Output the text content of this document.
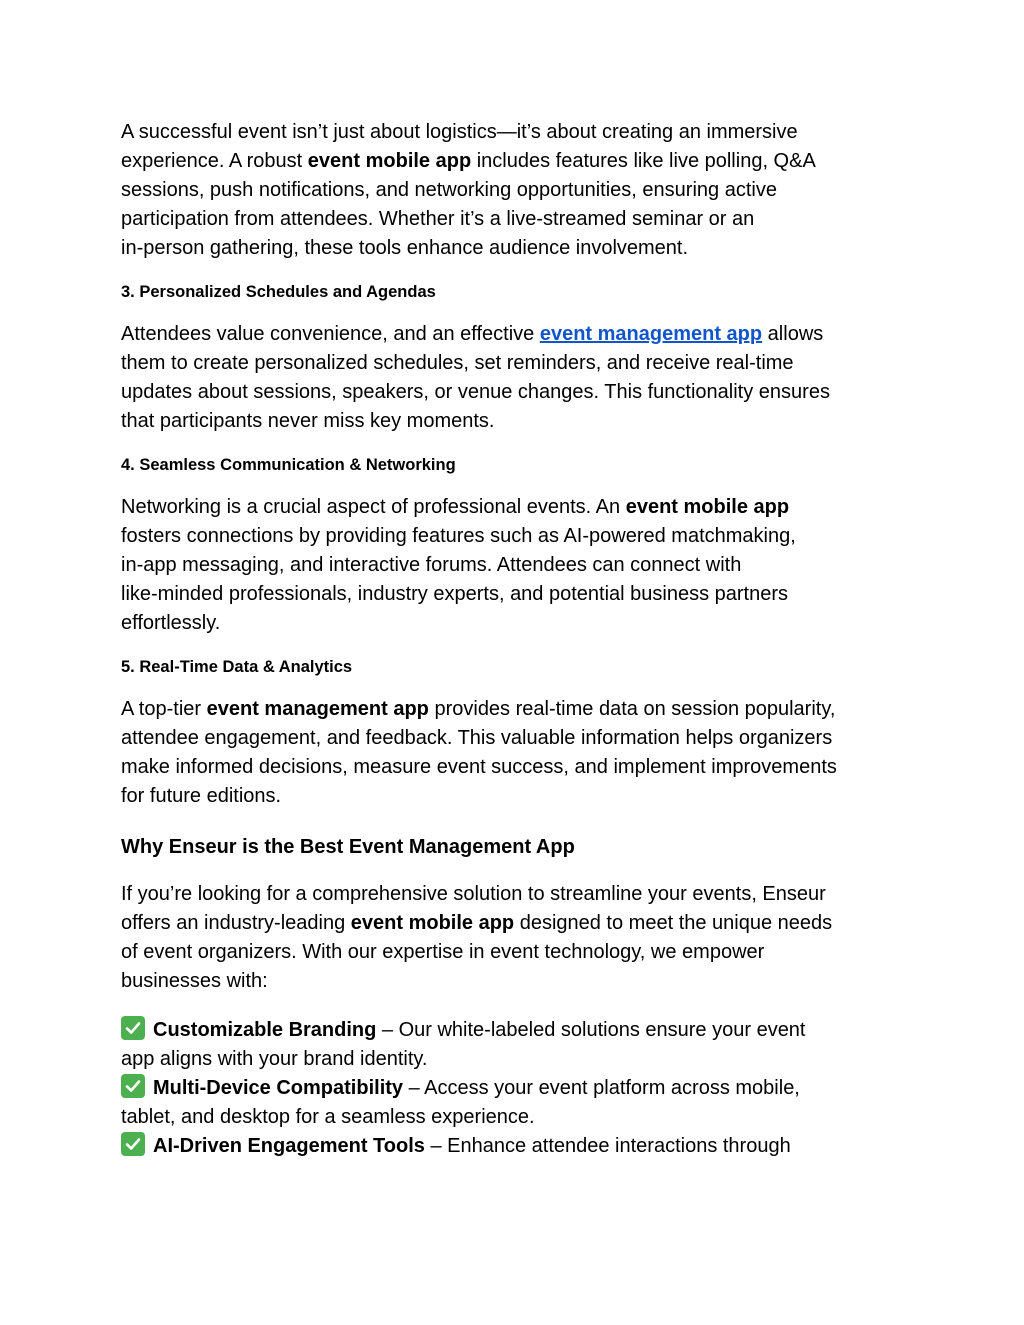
A successful event isn’t just about logistics—it’s about creating an immersive
experience. A robust event mobile app includes features like live polling, Q&A
sessions, push notifications, and networking opportunities, ensuring active
participation from attendees. Whether it’s a live-streamed seminar or an
in-person gathering, these tools enhance audience involvement.

3. Personalized Schedules and Agendas

Attendees value convenience, and an effective event management app allows
them to create personalized schedules, set reminders, and receive real-time
updates about sessions, speakers, or venue changes. This functionality ensures
that participants never miss key moments.

4. Seamless Communication & Networking

Networking is a crucial aspect of professional events. An event mobile app
fosters connections by providing features such as AI-powered matchmaking,
in-app messaging, and interactive forums. Attendees can connect with
like-minded professionals, industry experts, and potential business partners
effortlessly.

5. Real-Time Data & Analytics

A top-tier event management app provides real-time data on session popularity,
attendee engagement, and feedback. This valuable information helps organizers
make informed decisions, measure event success, and implement improvements
for future editions.

Why Enseur is the Best Event Management App

If you’re looking for a comprehensive solution to streamline your events, Enseur
offers an industry-leading event mobile app designed to meet the unique needs
of event organizers. With our expertise in event technology, we empower
businesses with:

Customizable Branding – Our white-labeled solutions ensure your event
app aligns with your brand identity.
Multi-Device Compatibility – Access your event platform across mobile,
tablet, and desktop for a seamless experience.
AI-Driven Engagement Tools – Enhance attendee interactions through
